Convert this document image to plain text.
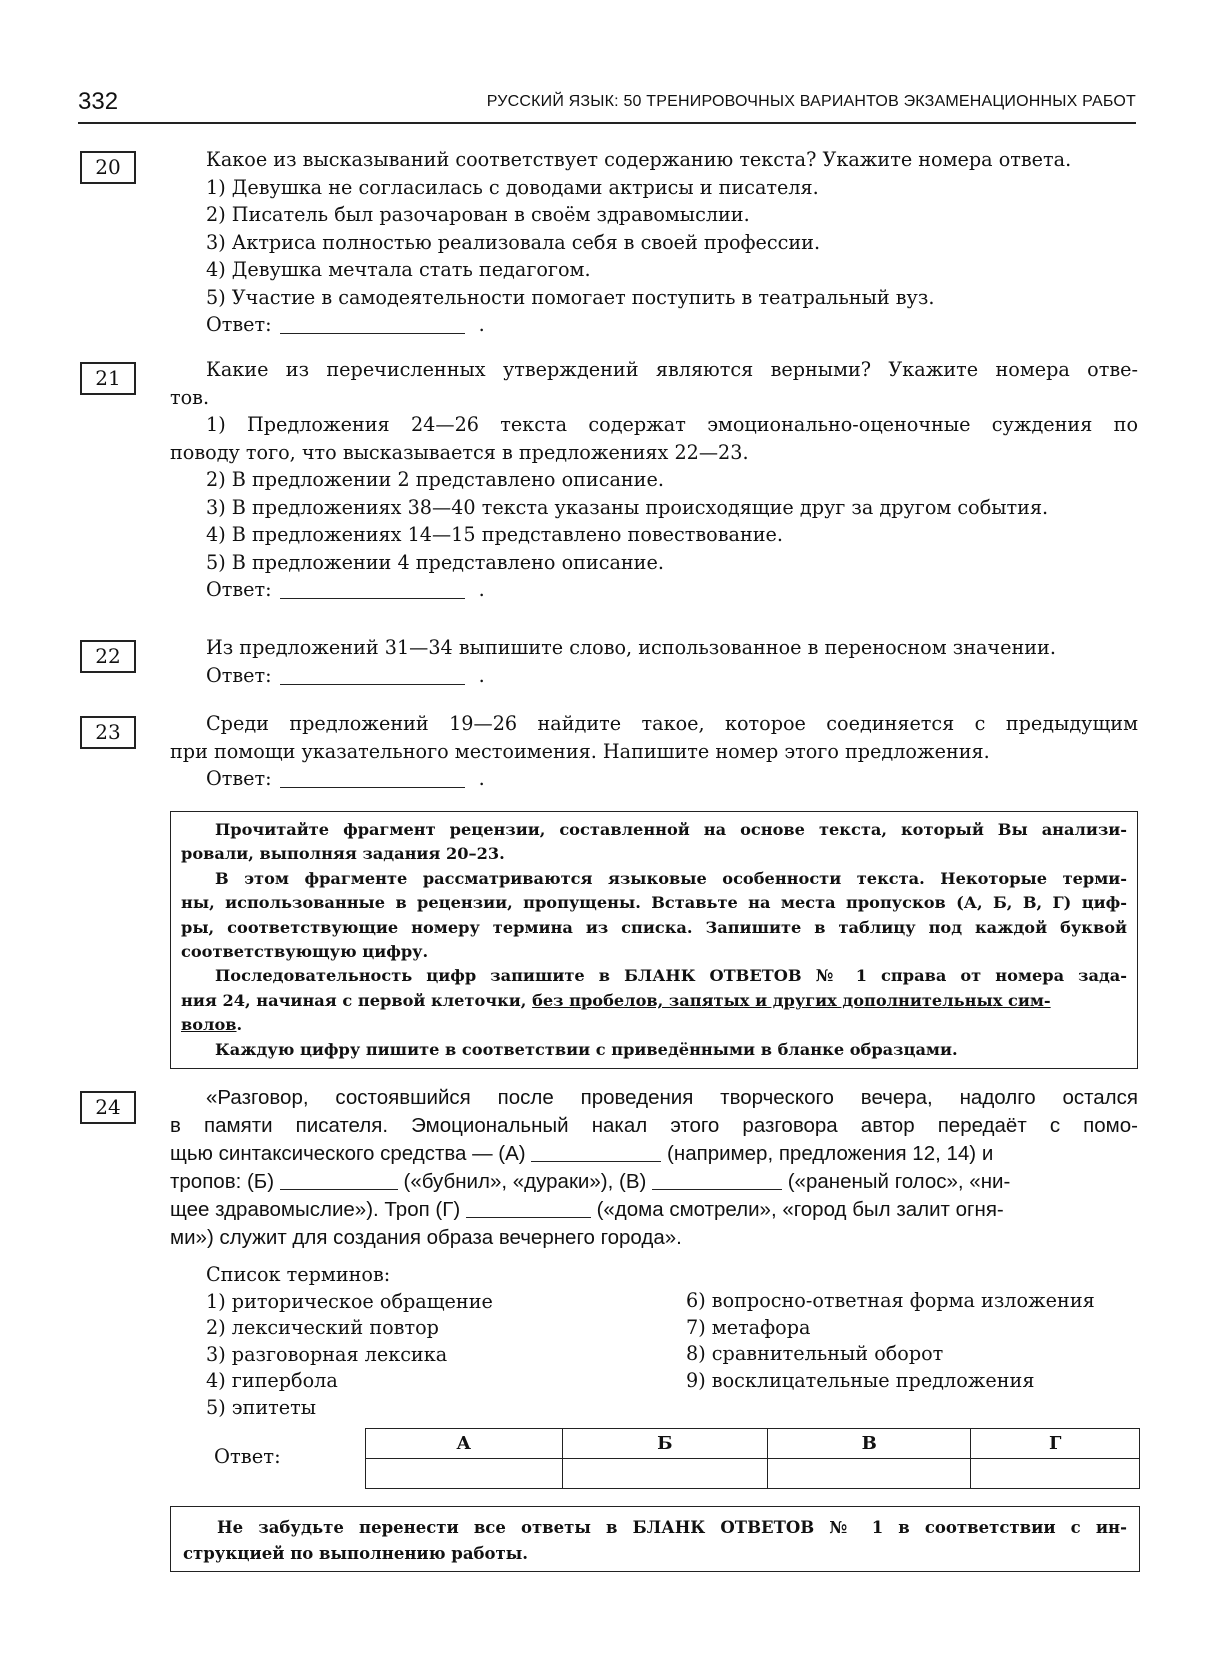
332	РУССКИЙ ЯЗЫК: 50 ТРЕНИРОВОЧНЫХ ВАРИАНТОВ ЭКЗАМЕНАЦИОННЫХ РАБОТ
20	Какое из высказываний соответствует содержанию текста? Укажите номера ответа.
1) Девушка не согласилась с доводами актрисы и писателя.
2) Писатель был разочарован в своём здравомыслии.
3) Актриса полностью реализовала себя в своей профессии.
4) Девушка мечтала стать педагогом.
5) Участие в самодеятельности помогает поступить в театральный вуз.
Ответ:	.
21	Какие из перечисленных утверждений являются верными? Укажите номера отве-
тов.
1) Предложения 24—26 текста содержат эмоционально-оценочные суждения по
поводу того, что высказывается в предложениях 22—23.
2) В предложении 2 представлено описание.
3) В предложениях 38—40 текста указаны происходящие друг за другом события.
4) В предложениях 14—15 представлено повествование.
5) В предложении 4 представлено описание.
Ответ:	.
22	Из предложений 31—34 выпишите слово, использованное в переносном значении.
Ответ:	.
23	Среди предложений 19—26 найдите такое, которое соединяется с предыдущим
при помощи указательного местоимения. Напишите номер этого предложения.
Ответ:	.
Прочитайте фрагмент рецензии, составленной на основе текста, который Вы анализи-
ровали, выполняя задания 20–23.
В этом фрагменте рассматриваются языковые особенности текста. Некоторые терми-
ны, использованные в рецензии, пропущены. Вставьте на места пропусков (А, Б, В, Г) циф-
ры, соответствующие номеру термина из списка. Запишите в таблицу под каждой буквой
соответствующую цифру.
Последовательность цифр запишите в БЛАНК ОТВЕТОВ № 1 справа от номера зада-
ния 24, начиная с первой клеточки, без пробелов, запятых и других дополнительных сим-
волов.
Каждую цифру пишите в соответствии с приведёнными в бланке образцами.
24	«Разговор, состоявшийся после проведения творческого вечера, надолго остался
в памяти писателя. Эмоциональный накал этого разговора автор передаёт с помо-
щью синтаксического средства — (А)	(например, предложения 12, 14) и
тропов: (Б)	(«бубнил», «дураки»), (В)	(«раненый голос», «ни-
щее здравомыслие»). Троп (Г)	(«дома смотрели», «город был залит огня-
ми») служит для создания образа вечернего города».
Список терминов:
1) риторическое обращение
2) лексический повтор
3) разговорная лексика
4) гипербола
5) эпитеты
6) вопросно-ответная форма изложения
7) метафора
8) сравнительный оборот
9) восклицательные предложения
Ответ:
А	Б	В	Г

Не забудьте перенести все ответы в БЛАНК ОТВЕТОВ № 1 в соответствии с ин-
струкцией по выполнению работы.
